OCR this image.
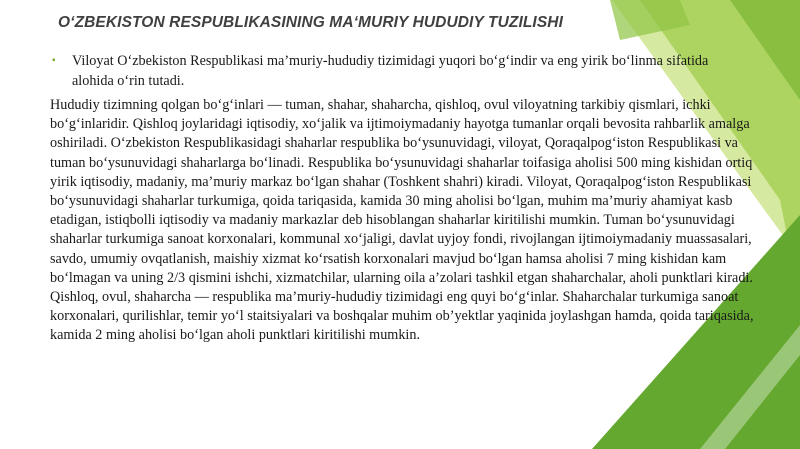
O‘ZBEKISTON RESPUBLIKASINING MA‘MURIY HUDUDIY TUZILISHI
▪ Viloyat O‘zbekiston Respublikasi ma’muriy-hududiy tizimidagi yuqori bo‘g‘indir va eng yirik bo‘linma sifatida alohida o‘rin tutadi.
Hududiy tizimning qolgan bo‘g‘inlari — tuman, shahar, shaharcha, qishloq, ovul viloyatning tarkibiy qismlari, ichki bo‘g‘inlaridir. Qishloq joylaridagi iqtisodiy, xo‘jalik va ijtimoiymadaniy hayotga tumanlar orqali bevosita rahbarlik amalga oshiriladi. O‘zbekiston Respublikasidagi shaharlar respublika bo‘ysunuvidagi, viloyat, Qoraqalpog‘iston Respublikasi va tuman bo‘ysunuvidagi shaharlarga bo‘linadi. Respublika bo‘ysunuvidagi shaharlar toifasiga aholisi 500 ming kishidan ortiq yirik iqtisodiy, madaniy, ma’muriy markaz bo‘lgan shahar (Toshkent shahri) kiradi. Viloyat, Qoraqalpog‘iston Respublikasi bo‘ysunuvidagi shaharlar turkumiga, qoida tariqasida, kamida 30 ming aholisi bo‘lgan, muhim ma’muriy ahamiyat kasb etadigan, istiqbolli iqtisodiy va madaniy markazlar deb hisoblangan shaharlar kiritilishi mumkin. Tuman bo‘ysunuvidagi shaharlar turkumiga sanoat korxonalari, kommunal xo‘jaligi, davlat uyjoy fondi, rivojlangan ijtimoiymadaniy muassasalari, savdo, umumiy ovqatlanish, maishiy xizmat ko‘rsatish korxonalari mavjud bo‘lgan hamsa aholisi 7 ming kishidan kam bo‘lmagan va uning 2/3 qismini ishchi, xizmatchilar, ularning oila a’zolari tashkil etgan shaharchalar, aholi punktlari kiradi. Qishloq, ovul, shaharcha — respublika ma’muriy-hududiy tizimidagi eng quyi bo‘g‘inlar. Shaharchalar turkumiga sanoat korxonalari, qurilishlar, temir yo‘l staitsiyalari va boshqalar muhim ob’yektlar yaqinida joylashgan hamda, qoida tariqasida, kamida 2 ming aholisi bo‘lgan aholi punktlari kiritilishi mumkin.
